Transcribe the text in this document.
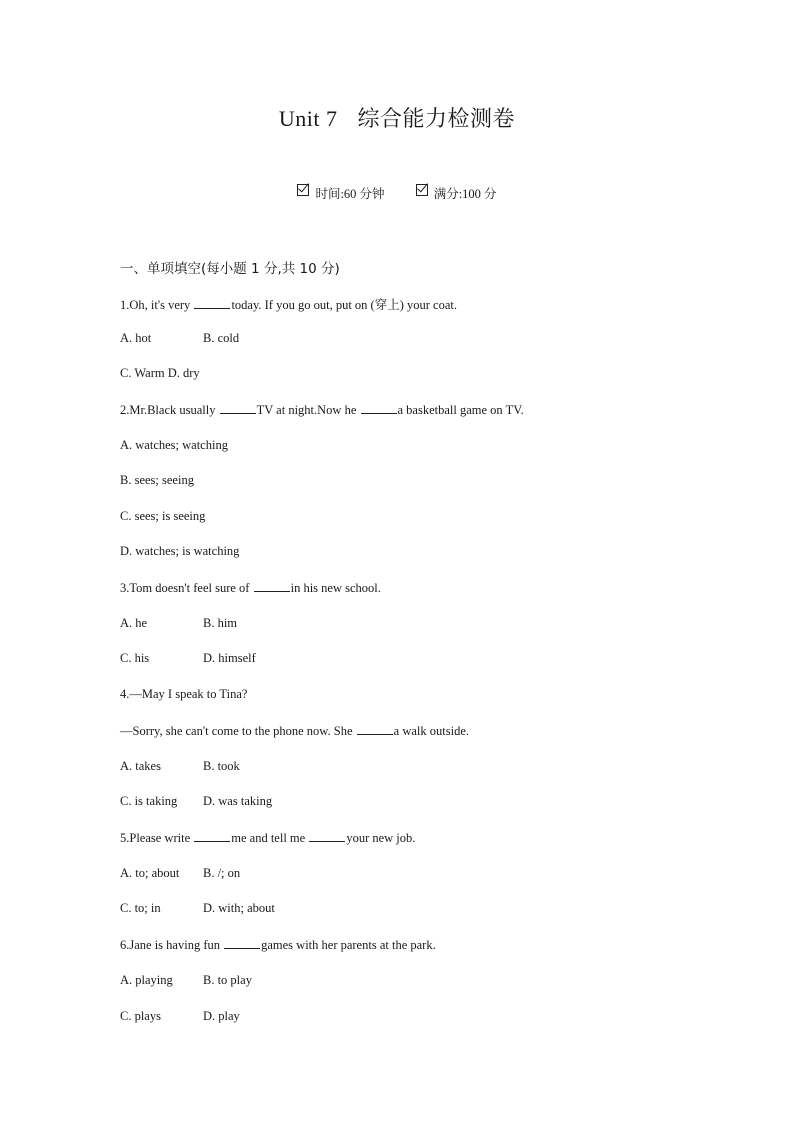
Unit 7 综合能力检测卷
时间:60 分钟	满分:100 分
一、单项填空(每小题 1 分,共 10 分)
1.Oh, it's very	today. If you go out, put on (穿上) your coat.
A. hot	B. cold
C. Warm D. dry
2.Mr.Black usually	TV at night.Now he	a basketball game on TV.
A. watches; watching
B. sees; seeing
C. sees; is seeing
D. watches; is watching
3.Tom doesn't feel sure of	in his new school.
A. he	B. him
C. his	D. himself
4.—May I speak to Tina?
—Sorry, she can't come to the phone now. She	a walk outside.
A. takes	B. took
C. is taking D. was taking
5.Please write	me and tell me	your new job.
A. to; about B. /; on
C. to; in	D. with; about
6.Jane is having fun	games with her parents at the park.
A. playing B. to play
C. plays	D. play
